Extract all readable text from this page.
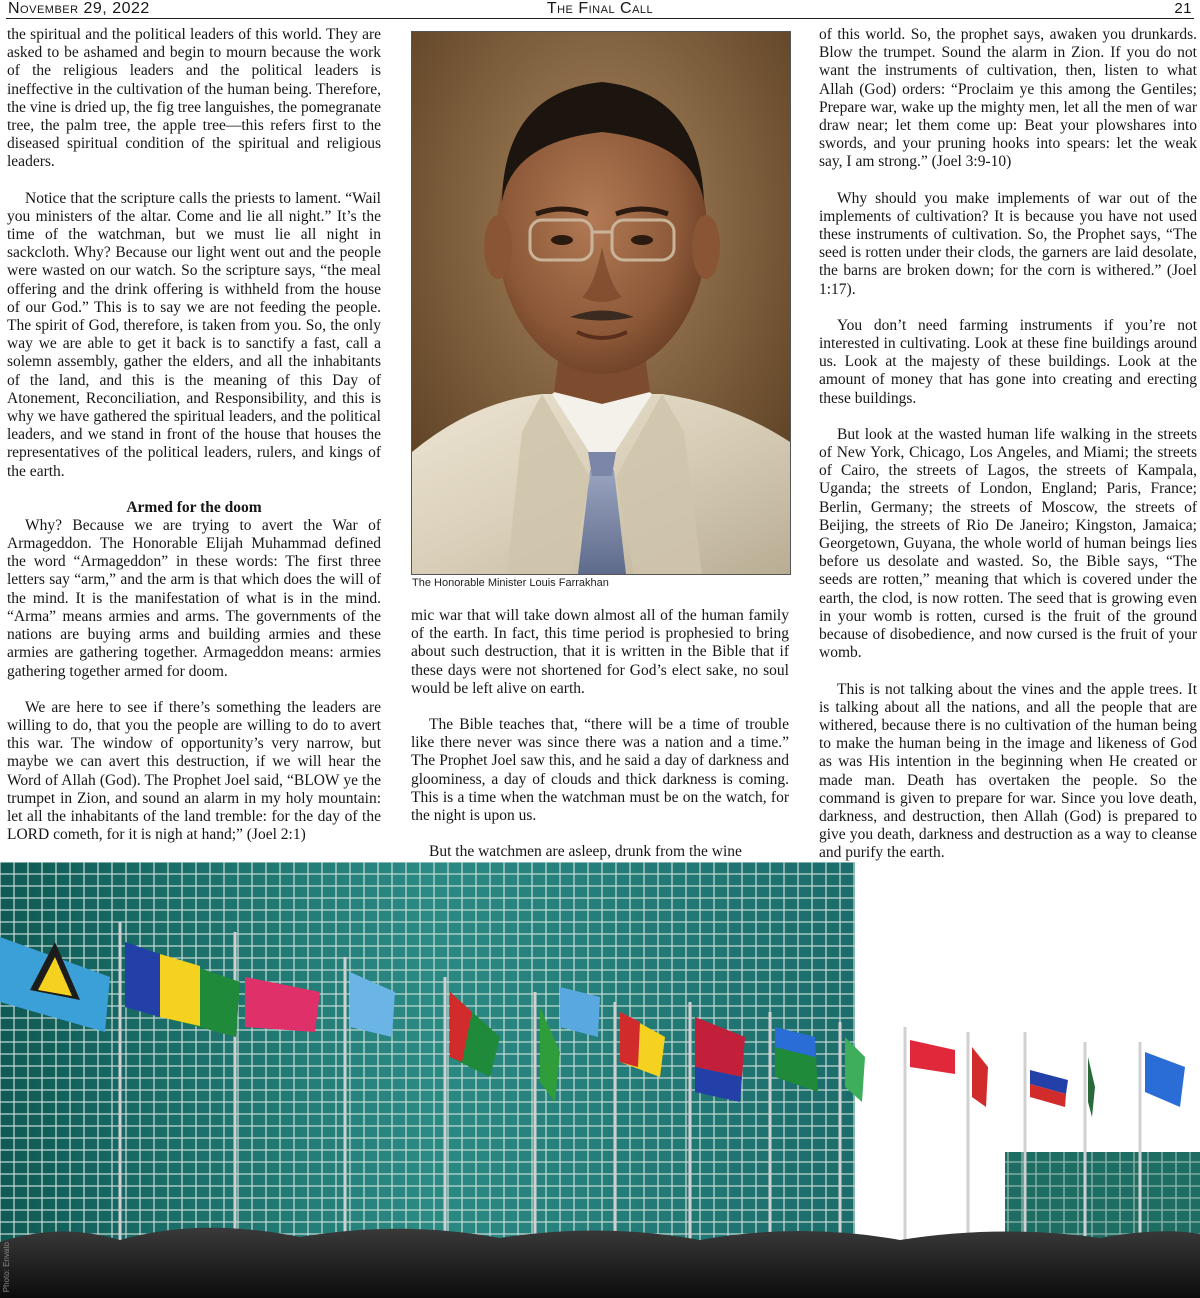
November 29, 2022	The Final Call	21

the spiritual and the political leaders of this world. They are asked to be ashamed and begin to mourn because the work of the religious leaders and the political leaders is ineffective in the cultivation of the human being. Therefore, the vine is dried up, the fig tree languishes, the pomegranate tree, the palm tree, the apple tree—this refers first to the diseased spiritual condition of the spiritual and religious leaders.

Notice that the scripture calls the priests to lament. “Wail you ministers of the altar. Come and lie all night.” It’s the time of the watchman, but we must lie all night in sackcloth. Why? Because our light went out and the people were wasted on our watch. So the scripture says, “the meal offering and the drink offering is withheld from the house of our God.” This is to say we are not feeding the people. The spirit of God, therefore, is taken from you. So, the only way we are able to get it back is to sanctify a fast, call a solemn assembly, gather the elders, and all the inhabitants of the land, and this is the meaning of this Day of Atonement, Reconciliation, and Responsibility, and this is why we have gathered the spiritual leaders, and the political leaders, and we stand in front of the house that houses the representatives of the political leaders, rulers, and kings of the earth.

Armed for the doom

Why? Because we are trying to avert the War of Armageddon. The Honorable Elijah Muhammad defined the word “Armageddon” in these words: The first three letters say “arm,” and the arm is that which does the will of the mind. It is the manifestation of what is in the mind. “Arma” means armies and arms. The governments of the nations are buying arms and building armies and these armies are gathering together. Armageddon means: armies gathering together armed for doom.

We are here to see if there’s something the leaders are willing to do, that you the people are willing to do to avert this war. The window of opportunity’s very narrow, but maybe we can avert this destruction, if we will hear the Word of Allah (God). The Prophet Joel said, “BLOW ye the trumpet in Zion, and sound an alarm in my holy mountain: let all the inhabitants of the land tremble: for the day of the LORD cometh, for it is nigh at hand;” (Joel 2:1)

The Honorable Minister Louis Farrakhan

mic war that will take down almost all of the human family of the earth. In fact, this time period is prophesied to bring about such destruction, that it is written in the Bible that if these days were not shortened for God’s elect sake, no soul would be left alive on earth.

The Bible teaches that, “there will be a time of trouble like there never was since there was a nation and a time.” The Prophet Joel saw this, and he said a day of darkness and gloominess, a day of clouds and thick darkness is coming. This is a time when the watchman must be on the watch, for the night is upon us.

But the watchmen are asleep, drunk from the wine

of this world. So, the prophet says, awaken you drunkards. Blow the trumpet. Sound the alarm in Zion. If you do not want the instruments of cultivation, then, listen to what Allah (God) orders: “Proclaim ye this among the Gentiles; Prepare war, wake up the mighty men, let all the men of war draw near; let them come up: Beat your plowshares into swords, and your pruning hooks into spears: let the weak say, I am strong.” (Joel 3:9-10)

Why should you make implements of war out of the implements of cultivation? It is because you have not used these instruments of cultivation. So, the Prophet says, “The seed is rotten under their clods, the garners are laid desolate, the barns are broken down; for the corn is withered.” (Joel 1:17).

You don’t need farming instruments if you’re not interested in cultivating. Look at these fine buildings around us. Look at the majesty of these buildings. Look at the amount of money that has gone into creating and erecting these buildings.

But look at the wasted human life walking in the streets of New York, Chicago, Los Angeles, and Miami; the streets of Cairo, the streets of Lagos, the streets of Kampala, Uganda; the streets of London, England; Paris, France; Berlin, Germany; the streets of Moscow, the streets of Beijing, the streets of Rio De Janeiro; Kingston, Jamaica; Georgetown, Guyana, the whole world of human beings lies before us desolate and wasted. So, the Bible says, “The seeds are rotten,” meaning that which is covered under the earth, the clod, is now rotten. The seed that is growing even in your womb is rotten, cursed is the fruit of the ground because of disobedience, and now cursed is the fruit of your womb.

This is not talking about the vines and the apple trees. It is talking about all the nations, and all the people that are withered, because there is no cultivation of the human being to make the human being in the image and likeness of God as was His intention in the beginning when He created or made man. Death has overtaken the people. So the command is given to prepare for war. Since you love death, darkness, and destruction, then Allah (God) is prepared to give you death, darkness and destruction as a way to cleanse and purify the earth.

Photo: Envato
